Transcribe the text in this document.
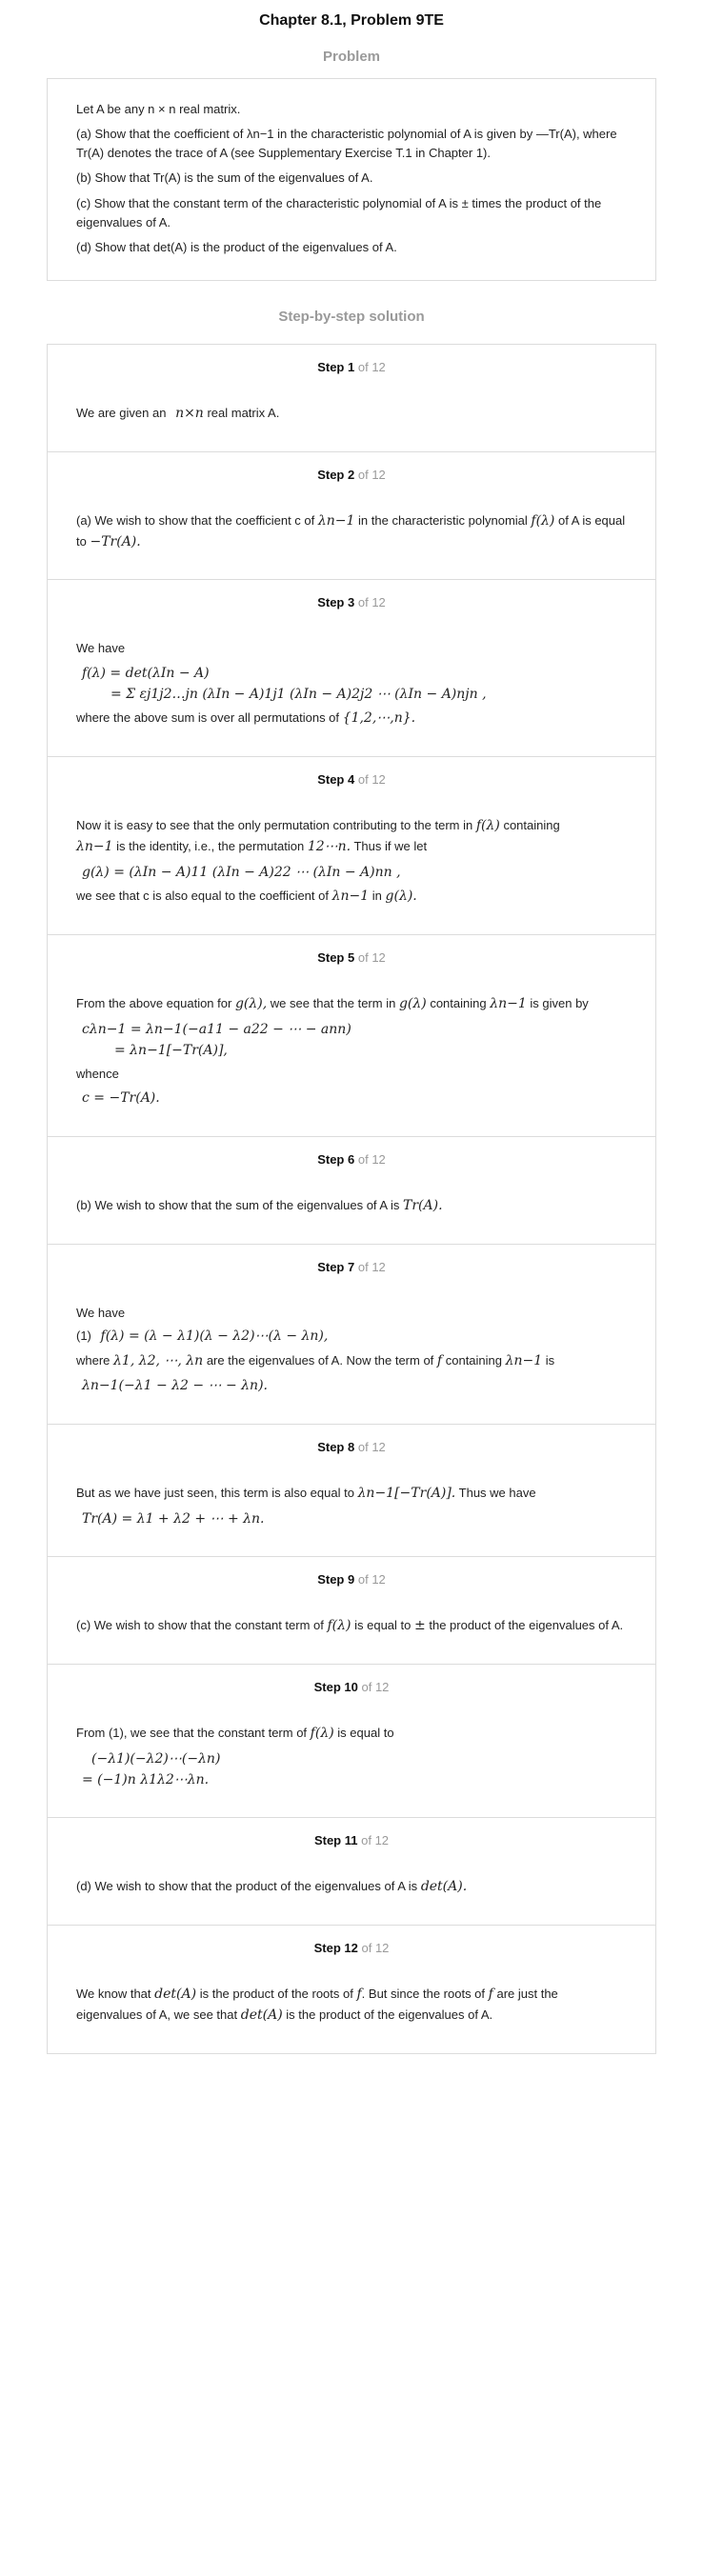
Chapter 8.1, Problem 9TE
Problem

Let A be any n × n real matrix.

(a) Show that the coefficient of λn−1 in the characteristic polynomial of A is given by —Tr(A), where Tr(A) denotes the trace of A (see Supplementary Exercise T.1 in Chapter 1).

(b) Show that Tr(A) is the sum of the eigenvalues of A.

(c) Show that the constant term of the characteristic polynomial of A is ± times the product of the eigenvalues of A.

(d) Show that det(A) is the product of the eigenvalues of A.

Step-by-step solution
Step 1 of 12

We are given an n×n real matrix A.

Step 2 of 12

(a) We wish to show that the coefficient c of λn−1 in the characteristic polynomial f(λ) of A is equal to −Tr(A).

Step 3 of 12

We have

f(λ) = det(λIn − A)
= Σ εj1j2…jn (λIn − A)1j1 (λIn − A)2j2 ⋯ (λIn − A)njn ,

where the above sum is over all permutations of {1,2,⋯,n}.

Step 4 of 12

Now it is easy to see that the only permutation contributing to the term in f(λ) containing
λn−1 is the identity, i.e., the permutation 12⋯n. Thus if we let

g(λ) = (λIn − A)11 (λIn − A)22 ⋯ (λIn − A)nn ,

we see that c is also equal to the coefficient of λn−1 in g(λ).

Step 5 of 12

From the above equation for g(λ), we see that the term in g(λ) containing λn−1 is given by

cλn−1 = λn−1(−a11 − a22 − ⋯ − ann)
= λn−1[−Tr(A)],

whence

c = −Tr(A).
Step 6 of 12

(b) We wish to show that the sum of the eigenvalues of A is Tr(A).

Step 7 of 12

We have

(1) f(λ) = (λ − λ1)(λ − λ2)⋯(λ − λn),

where λ1, λ2, ⋯, λn are the eigenvalues of A. Now the term of f containing λn−1 is

λn−1(−λ1 − λ2 − ⋯ − λn).
Step 8 of 12

But as we have just seen, this term is also equal to λn−1[−Tr(A)]. Thus we have

Tr(A) = λ1 + λ2 + ⋯ + λn.
Step 9 of 12

(c) We wish to show that the constant term of f(λ) is equal to ± the product of the eigenvalues of A.

Step 10 of 12

From (1), we see that the constant term of f(λ) is equal to

(−λ1)(−λ2)⋯(−λn)
= (−1)n λ1λ2⋯λn.
Step 11 of 12

(d) We wish to show that the product of the eigenvalues of A is det(A).

Step 12 of 12

We know that det(A) is the product of the roots of f. But since the roots of f are just the eigenvalues of A, we see that det(A) is the product of the eigenvalues of A.
